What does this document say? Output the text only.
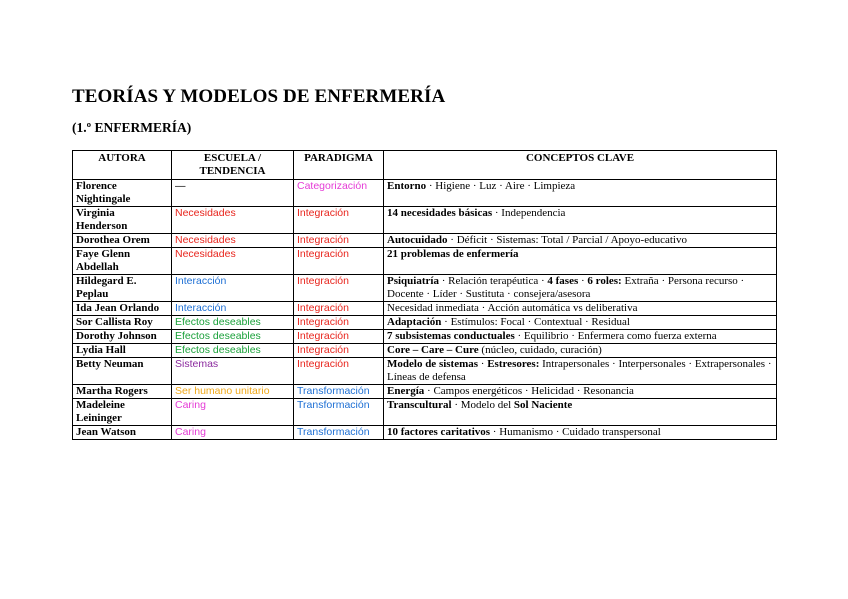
TEORÍAS Y MODELOS DE ENFERMERÍA
(1.º ENFERMERÍA)
AUTORA	ESCUELA / TENDENCIA	PARADIGMA	CONCEPTOS CLAVE
Florence Nightingale	—	Categorización	Entorno · Higiene · Luz · Aire · Limpieza
Virginia Henderson	Necesidades	Integración	14 necesidades básicas · Independencia
Dorothea Orem	Necesidades	Integración	Autocuidado · Déficit · Sistemas: Total / Parcial / Apoyo-educativo
Faye Glenn Abdellah	Necesidades	Integración	21 problemas de enfermería
Hildegard E. Peplau	Interacción	Integración	Psiquiatría · Relación terapéutica · 4 fases · 6 roles: Extraña · Persona recurso · Docente · Líder · Sustituta · consejera/asesora
Ida Jean Orlando	Interacción	Integración	Necesidad inmediata · Acción automática vs deliberativa
Sor Callista Roy	Efectos deseables	Integración	Adaptación · Estímulos: Focal · Contextual · Residual
Dorothy Johnson	Efectos deseables	Integración	7 subsistemas conductuales · Equilibrio · Enfermera como fuerza externa
Lydia Hall	Efectos deseables	Integración	Core – Care – Cure (núcleo, cuidado, curación)
Betty Neuman	Sistemas	Integración	Modelo de sistemas · Estresores: Intrapersonales · Interpersonales · Extrapersonales · Líneas de defensa
Martha Rogers	Ser humano unitario	Transformación	Energía · Campos energéticos · Helicidad · Resonancia
Madeleine Leininger	Caring	Transformación	Transcultural · Modelo del Sol Naciente
Jean Watson	Caring	Transformación	10 factores caritativos · Humanismo · Cuidado transpersonal
